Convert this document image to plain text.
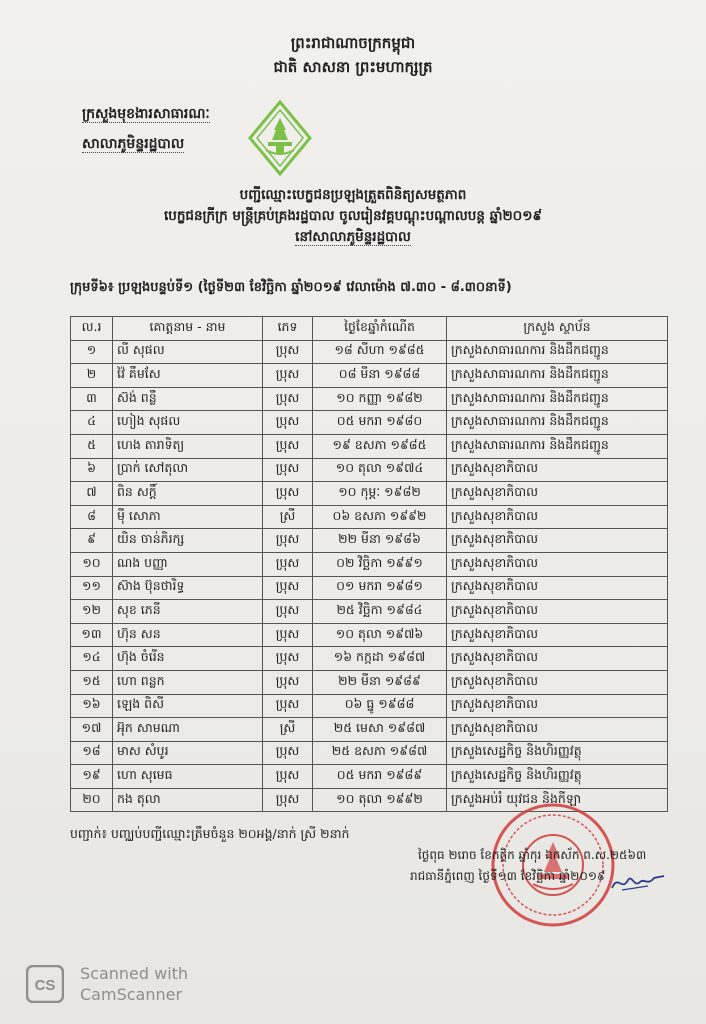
ព្រះរាជាណាចក្រកម្ពុជា
ជាតិ សាសនា ព្រះមហាក្សត្រ
ក្រសួងមុខងារសាធារណៈ
សាលាភូមិន្ទរដ្ឋបាល
បញ្ជីឈ្មោះបេក្ខជនប្រឡងត្រួតពិនិត្យសមត្ថភាព
បេក្ខជនក្រីក្រ មន្ត្រីគ្រប់គ្រងរដ្ឋបាល ចូលរៀនវគ្គបណ្ដុះបណ្ដាលបន្ត ឆ្នាំ២០១៩
នៅសាលាភូមិន្ទរដ្ឋបាល
ក្រុមទី៦៖ ប្រឡងបន្ទប់ទី១ (ថ្ងៃទី២៣ ខែវិច្ឆិកា ឆ្នាំ២០១៩ វេលាម៉ោង ៧.៣០ - ៨.៣០នាទី)
ល.រ	គោត្តនាម - នាម	ភេទ	ថ្ងៃខែឆ្នាំកំណើត	ក្រសួង ស្ថាប័ន
១	លី សុផល	ប្រុស	១៨ សីហា ១៩៨៥	ក្រសួងសាធារណការ និងដឹកជញ្ជូន
២	វ៉ៃ គឹមសែ	ប្រុស	០៨ មីនា ១៩៨៨	ក្រសួងសាធារណការ និងដឹកជញ្ជូន
៣	ស៊ង់ ពន្លឺ	ប្រុស	១០ កញ្ញា ១៩៨២	ក្រសួងសាធារណការ និងដឹកជញ្ជូន
៤	ហៀង សុផល	ប្រុស	០៥ មករា ១៩៨០	ក្រសួងសាធារណការ និងដឹកជញ្ជូន
៥	ហេង តារាទិត្យ	ប្រុស	១៩ ឧសភា ១៩៨៥	ក្រសួងសាធារណការ និងដឹកជញ្ជូន
៦	ប្រាក់ សៅតុលា	ប្រុស	១០ តុលា ១៩៧៤	ក្រសួងសុខាភិបាល
៧	ពិន សក្ដិ៍	ប្រុស	១០ កុម្ភៈ ១៩៨២	ក្រសួងសុខាភិបាល
៨	ម៉ី សោភា	ស្រី	០៦ ឧសភា ១៩៩២	ក្រសួងសុខាភិបាល
៩	យិន ចាន់ភិរក្ស	ប្រុស	២២ មីនា ១៩៨៦	ក្រសួងសុខាភិបាល
១០	ណង បញ្ញា	ប្រុស	០២ វិច្ឆិកា ១៩៩១	ក្រសួងសុខាភិបាល
១១	ស៊ាង ប៊ុនថារិទ្ធ	ប្រុស	០១ មករា ១៩៨១	ក្រសួងសុខាភិបាល
១២	សុខ ភេនី	ប្រុស	២៥ វិច្ឆិកា ១៩៨៤	ក្រសួងសុខាភិបាល
១៣	ហ៊ុន សន	ប្រុស	១០ តុលា ១៩៧៦	ក្រសួងសុខាភិបាល
១៤	ហ៊ុង ចំរើន	ប្រុស	១៦ កក្កដា ១៩៨៧	ក្រសួងសុខាភិបាល
១៥	ហោ ពន្លក	ប្រុស	២២ មីនា ១៩៨៩	ក្រសួងសុខាភិបាល
១៦	ឡេង ពិសី	ប្រុស	០៦ ធ្នូ ១៩៨៨	ក្រសួងសុខាភិបាល
១៧	អ៊ុក សាមណា	ស្រី	២៥ មេសា ១៩៨៧	ក្រសួងសុខាភិបាល
១៨	មាស សំបូរ	ប្រុស	២៥ ឧសភា ១៩៨៧	ក្រសួងសេដ្ឋកិច្ច និងហិរញ្ញវត្ថុ
១៩	ហោ សុមេធ	ប្រុស	០៥ មករា ១៩៨៩	ក្រសួងសេដ្ឋកិច្ច និងហិរញ្ញវត្ថុ
២០	កង តុលា	ប្រុស	១០ តុលា ១៩៩២	ក្រសួងអប់រំ យុវជន និងកីឡា
បញ្ជាក់៖ បញ្ឈប់បញ្ជីឈ្មោះត្រឹមចំនួន ២០អង្គ/នាក់ ស្រី ២នាក់
ថ្ងៃពុធ ២រោច ខែកត្តិក ឆ្នាំកុរ ឯកស័ក ព.ស.២៥៦៣
រាជធានីភ្នំពេញ ថ្ងៃទី១៣ ខែវិច្ឆិកា ឆ្នាំ២០១៩
CS
Scanned with
CamScanner
